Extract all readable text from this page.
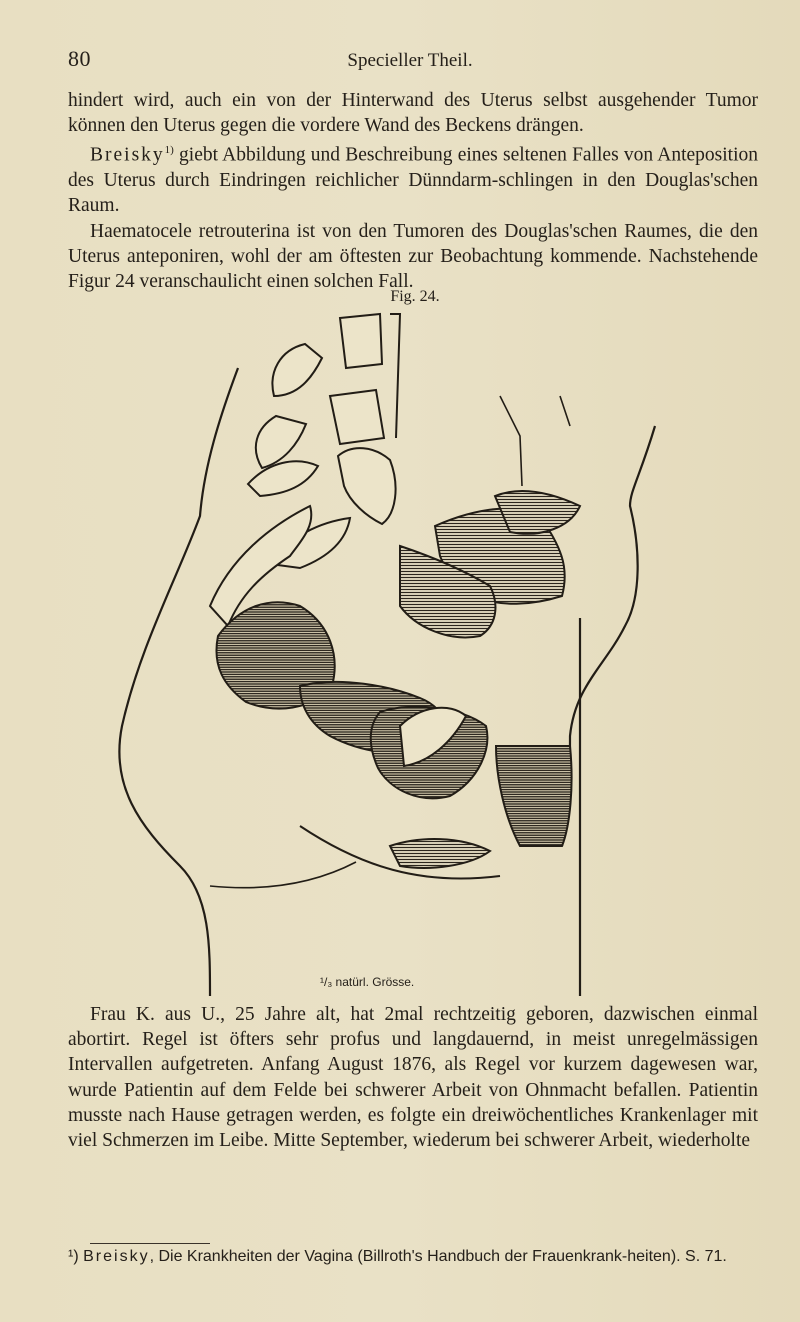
80	Specieller Theil.

hindert wird, auch ein von der Hinterwand des Uterus selbst ausgehender Tumor können den Uterus gegen die vordere Wand des Beckens drängen.

Breisky$^{1)}$ giebt Abbildung und Beschreibung eines seltenen Falles von Anteposition des Uterus durch Eindringen reichlicher Dünndarm-schlingen in den Douglas'schen Raum.

Haematocele retrouterina ist von den Tumoren des Douglas'schen Raumes, die den Uterus anteponiren, wohl der am öftesten zur Beobachtung kommende. Nachstehende Figur 24 veranschaulicht einen solchen Fall.

Fig. 24.
¹/₃ natürl. Grösse.

Frau K. aus U., 25 Jahre alt, hat 2mal rechtzeitig geboren, dazwischen einmal abortirt. Regel ist öfters sehr profus und langdauernd, in meist unregelmässigen Intervallen aufgetreten. Anfang August 1876, als Regel vor kurzem dagewesen war, wurde Patientin auf dem Felde bei schwerer Arbeit von Ohnmacht befallen. Patientin musste nach Hause getragen werden, es folgte ein dreiwöchentliches Krankenlager mit viel Schmerzen im Leibe. Mitte September, wiederum bei schwerer Arbeit, wiederholte

¹) Breisky, Die Krankheiten der Vagina (Billroth's Handbuch der Frauenkrank-heiten). S. 71.
